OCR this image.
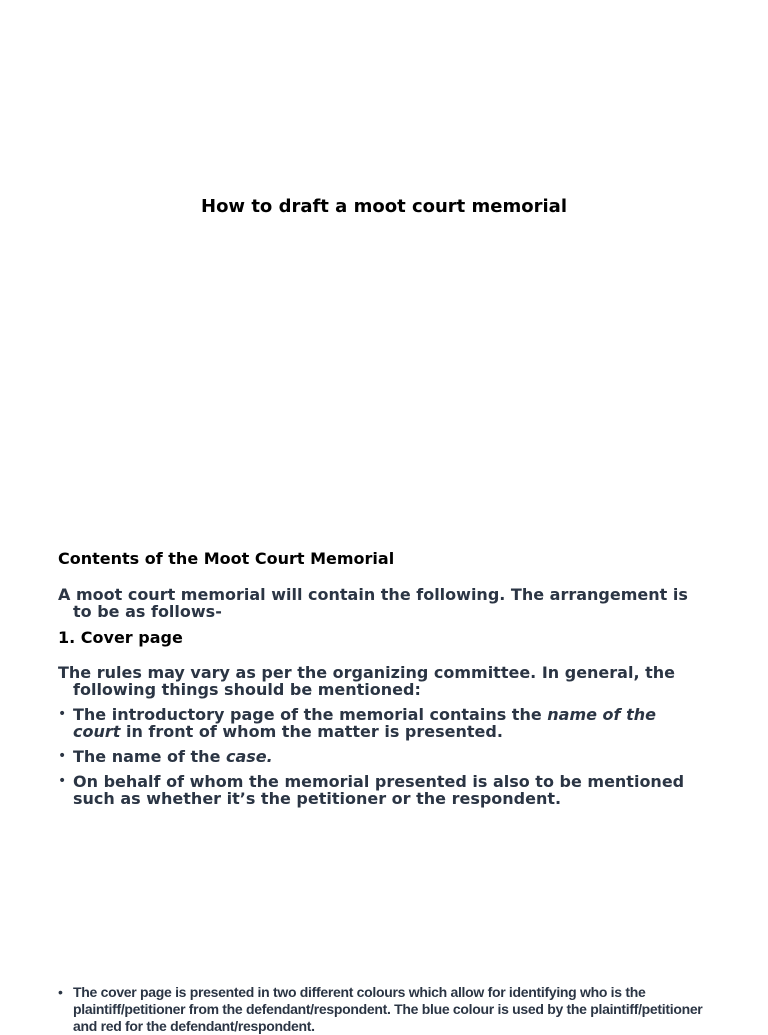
How to draft a moot court memorial

Contents of the Moot Court Memorial

A moot court memorial will contain the following. The arrangement is to be as follows-

1. Cover page

The rules may vary as per the organizing committee. In general, the following things should be mentioned:

• The introductory page of the memorial contains the name of the court in front of whom the matter is presented.
• The name of the case.
• On behalf of whom the memorial presented is also to be mentioned such as whether it’s the petitioner or the respondent.
• The cover page is presented in two different colours which allow for identifying who is the plaintiff/petitioner from the defendant/respondent. The blue colour is used by the plaintiff/petitioner and red for the defendant/respondent.
